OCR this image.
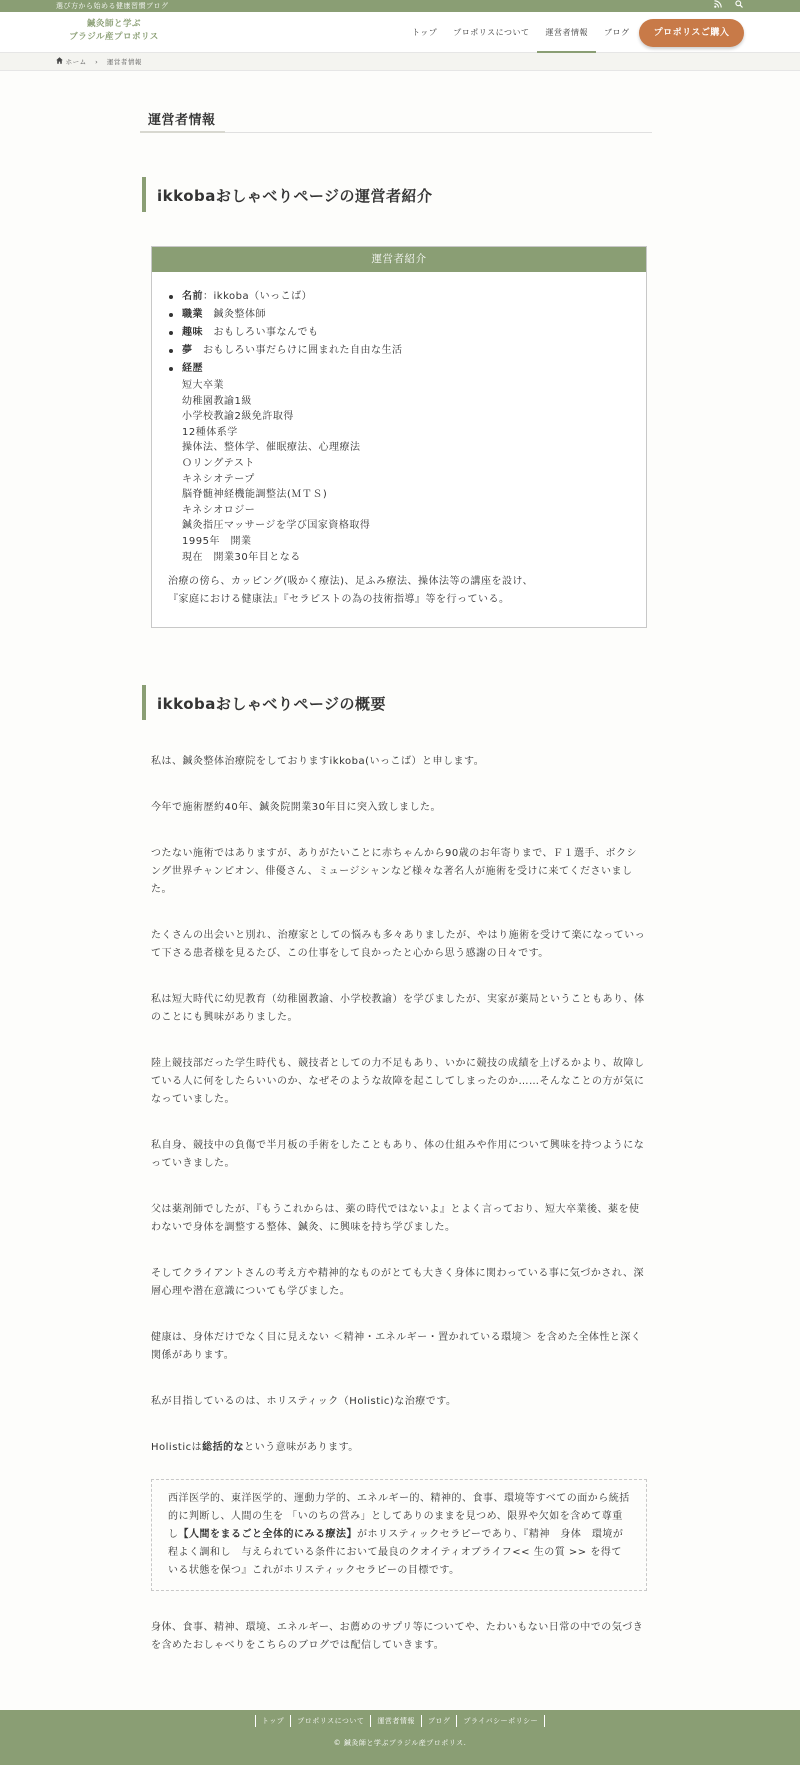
選び方から始める健康習慣ブログ

鍼灸師と学ぶ
ブラジル産プロポリス	トップ	プロポリスについて	運営者情報	ブログ	プロポリスご購入
ホーム › 運営者情報
運営者情報
ikkobaおしゃべりページの運営者紹介
運営者紹介
名前：ikkoba（いっこば）
職業　鍼灸整体師
趣味　おもしろい事なんでも
夢　おもしろい事だらけに囲まれた自由な生活
経歴
短大卒業
幼稚園教諭1級
小学校教諭2級免許取得
12種体系学
操体法、整体学、催眠療法、心理療法
Ｏリングテスト
キネシオテープ
脳脊髄神経機能調整法(ＭＴＳ)
キネシオロジー
鍼灸指圧マッサージを学び国家資格取得
1995年　開業
現在　開業30年目となる
治療の傍ら、カッピング(吸かく療法)、足ふみ療法、操体法等の講座を設け、
『家庭における健康法』『セラピストの為の技術指導』等を行っている。
ikkobaおしゃべりページの概要

私は、鍼灸整体治療院をしておりますikkoba(いっこば）と申します。

今年で施術歴約40年、鍼灸院開業30年目に突入致しました。

つたない施術ではありますが、ありがたいことに赤ちゃんから90歳のお年寄りまで、Ｆ１選手、ボクシング世界チャンピオン、俳優さん、ミュージシャンなど様々な著名人が施術を受けに来てくださいました。

たくさんの出会いと別れ、治療家としての悩みも多々ありましたが、やはり施術を受けて楽になっていって下さる患者様を見るたび、この仕事をして良かったと心から思う感謝の日々です。

私は短大時代に幼児教育（幼稚園教諭、小学校教諭）を学びましたが、実家が薬局ということもあり、体のことにも興味がありました。

陸上競技部だった学生時代も、競技者としての力不足もあり、いかに競技の成績を上げるかより、故障している人に何をしたらいいのか、なぜそのような故障を起こしてしまったのか……そんなことの方が気になっていました。

私自身、競技中の負傷で半月板の手術をしたこともあり、体の仕組みや作用について興味を持つようになっていきました。

父は薬剤師でしたが、『もうこれからは、薬の時代ではないよ』とよく言っており、短大卒業後、薬を使わないで身体を調整する整体、鍼灸、に興味を持ち学びました。

そしてクライアントさんの考え方や精神的なものがとても大きく身体に関わっている事に気づかされ、深層心理や潜在意識についても学びました。

健康は、身体だけでなく目に見えない ＜精神・エネルギー・置かれている環境＞ を含めた全体性と深く関係があります。

私が目指しているのは、ホリスティック（Holistic)な治療です。

Holisticは総括的なという意味があります。

西洋医学的、東洋医学的、運動力学的、エネルギー的、精神的、食事、環境等すべての面から統括的に判断し、人間の生を 「いのちの営み」としてありのままを見つめ、限界や欠如を含めて尊重し【人間をまるごと全体的にみる療法】がホリスティックセラピーであり、『精神　身体　環境が程よく調和し　与えられている条件において最良のクオイティオブライフ<< 生の質 >> を得ている状態を保つ』これがホリスティックセラピーの目標です。

身体、食事、精神、環境、エネルギー、お薦めのサプリ等についてや、たわいもない日常の中での気づきを含めたおしゃべりをこちらのブログでは配信していきます。

トップ	プロポリスについて	運営者情報	ブログ	プライバシーポリシー
© 鍼灸師と学ぶブラジル産プロポリス.
